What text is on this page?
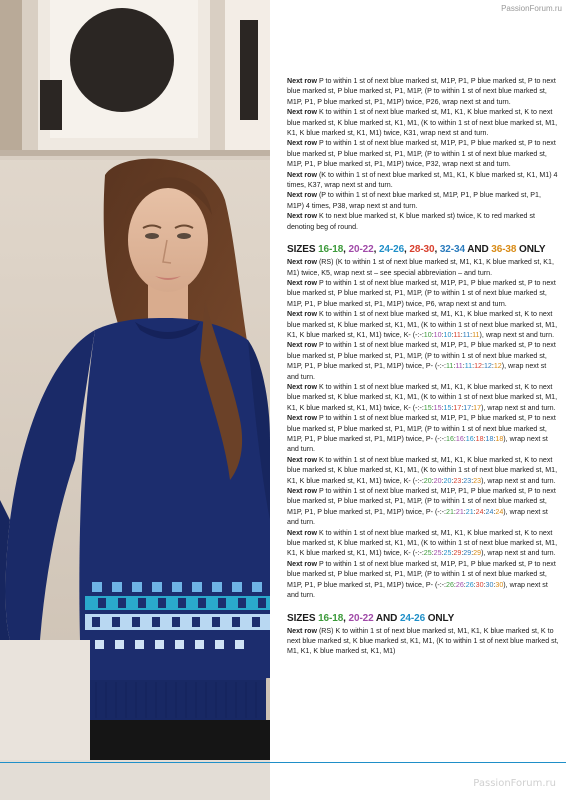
PassionForum.ru

Next row P to within 1 st of next blue marked st, M1P, P1, P blue marked st, P to next blue marked st, P blue marked st, P1, M1P, (P to within 1 st of next blue marked st, M1P, P1, P blue marked st, P1, M1P) twice, P26, wrap next st and turn.

Next row K to within 1 st of next blue marked st, M1, K1, K blue marked st, K to next blue marked st, K blue marked st, K1, M1, (K to within 1 st of next blue marked st, M1, K1, K blue marked st, K1, M1) twice, K31, wrap next st and turn.

Next row P to within 1 st of next blue marked st, M1P, P1, P blue marked st, P to next blue marked st, P blue marked st, P1, M1P, (P to within 1 st of next blue marked st, M1P, P1, P blue marked st, P1, M1P) twice, P32, wrap next st and turn.

Next row (K to within 1 st of next blue marked st, M1, K1, K blue marked st, K1, M1) 4 times, K37, wrap next st and turn.

Next row (P to within 1 st of next blue marked st, M1P, P1, P blue marked st, P1, M1P) 4 times, P38, wrap next st and turn.

Next row K to next blue marked st, K blue marked st) twice, K to red marked st denoting beg of round.

SIZES 16-18, 20-22, 24-26, 28-30, 32-34 AND 36-38 ONLY

Next row (RS) (K to within 1 st of next blue marked st, M1, K1, K blue marked st, K1, M1) twice, K5, wrap next st – see special abbreviation – and turn.

Next row P to within 1 st of next blue marked st, M1P, P1, P blue marked st, P to next blue marked st, P blue marked st, P1, M1P, (P to within 1 st of next blue marked st, M1P, P1, P blue marked st, P1, M1P) twice, P6, wrap next st and turn.

Next row K to within 1 st of next blue marked st, M1, K1, K blue marked st, K to next blue marked st, K blue marked st, K1, M1, (K to within 1 st of next blue marked st, M1, K1, K blue marked st, K1, M1) twice, K- (-:-:10:10:10:11:11:11), wrap next st and turn.

Next row P to within 1 st of next blue marked st, M1P, P1, P blue marked st, P to next blue marked st, P blue marked st, P1, M1P, (P to within 1 st of next blue marked st, M1P, P1, P blue marked st, P1, M1P) twice, P- (-:-:11:11:11:12:12:12), wrap next st and turn.

Next row K to within 1 st of next blue marked st, M1, K1, K blue marked st, K to next blue marked st, K blue marked st, K1, M1, (K to within 1 st of next blue marked st, M1, K1, K blue marked st, K1, M1) twice, K- (-:-:15:15:15:17:17:17), wrap next st and turn.

Next row P to within 1 st of next blue marked st, M1P, P1, P blue marked st, P to next blue marked st, P blue marked st, P1, M1P, (P to within 1 st of next blue marked st, M1P, P1, P blue marked st, P1, M1P) twice, P- (-:-:16:16:16:18:18:18), wrap next st and turn.

Next row K to within 1 st of next blue marked st, M1, K1, K blue marked st, K to next blue marked st, K blue marked st, K1, M1, (K to within 1 st of next blue marked st, M1, K1, K blue marked st, K1, M1) twice, K- (-:-:20:20:20:23:23:23), wrap next st and turn.

Next row P to within 1 st of next blue marked st, M1P, P1, P blue marked st, P to next blue marked st, P blue marked st, P1, M1P, (P to within 1 st of next blue marked st, M1P, P1, P blue marked st, P1, M1P) twice, P- (-:-:21:21:21:24:24:24), wrap next st and turn.

Next row K to within 1 st of next blue marked st, M1, K1, K blue marked st, K to next blue marked st, K blue marked st, K1, M1, (K to within 1 st of next blue marked st, M1, K1, K blue marked st, K1, M1) twice, K- (-:-:25:25:25:29:29:29), wrap next st and turn.

Next row P to within 1 st of next blue marked st, M1P, P1, P blue marked st, P to next blue marked st, P blue marked st, P1, M1P, (P to within 1 st of next blue marked st, M1P, P1, P blue marked st, P1, M1P) twice, P- (-:-:26:26:26:30:30:30), wrap next st and turn.

SIZES 16-18, 20-22 AND 24-26 ONLY

Next row (RS) K to within 1 st of next blue marked st, M1, K1, K blue marked st, K to next blue marked st, K blue marked st, K1, M1, (K to within 1 st of next blue marked st, M1, K1, K blue marked st, K1, M1)

PassionForum.ru
